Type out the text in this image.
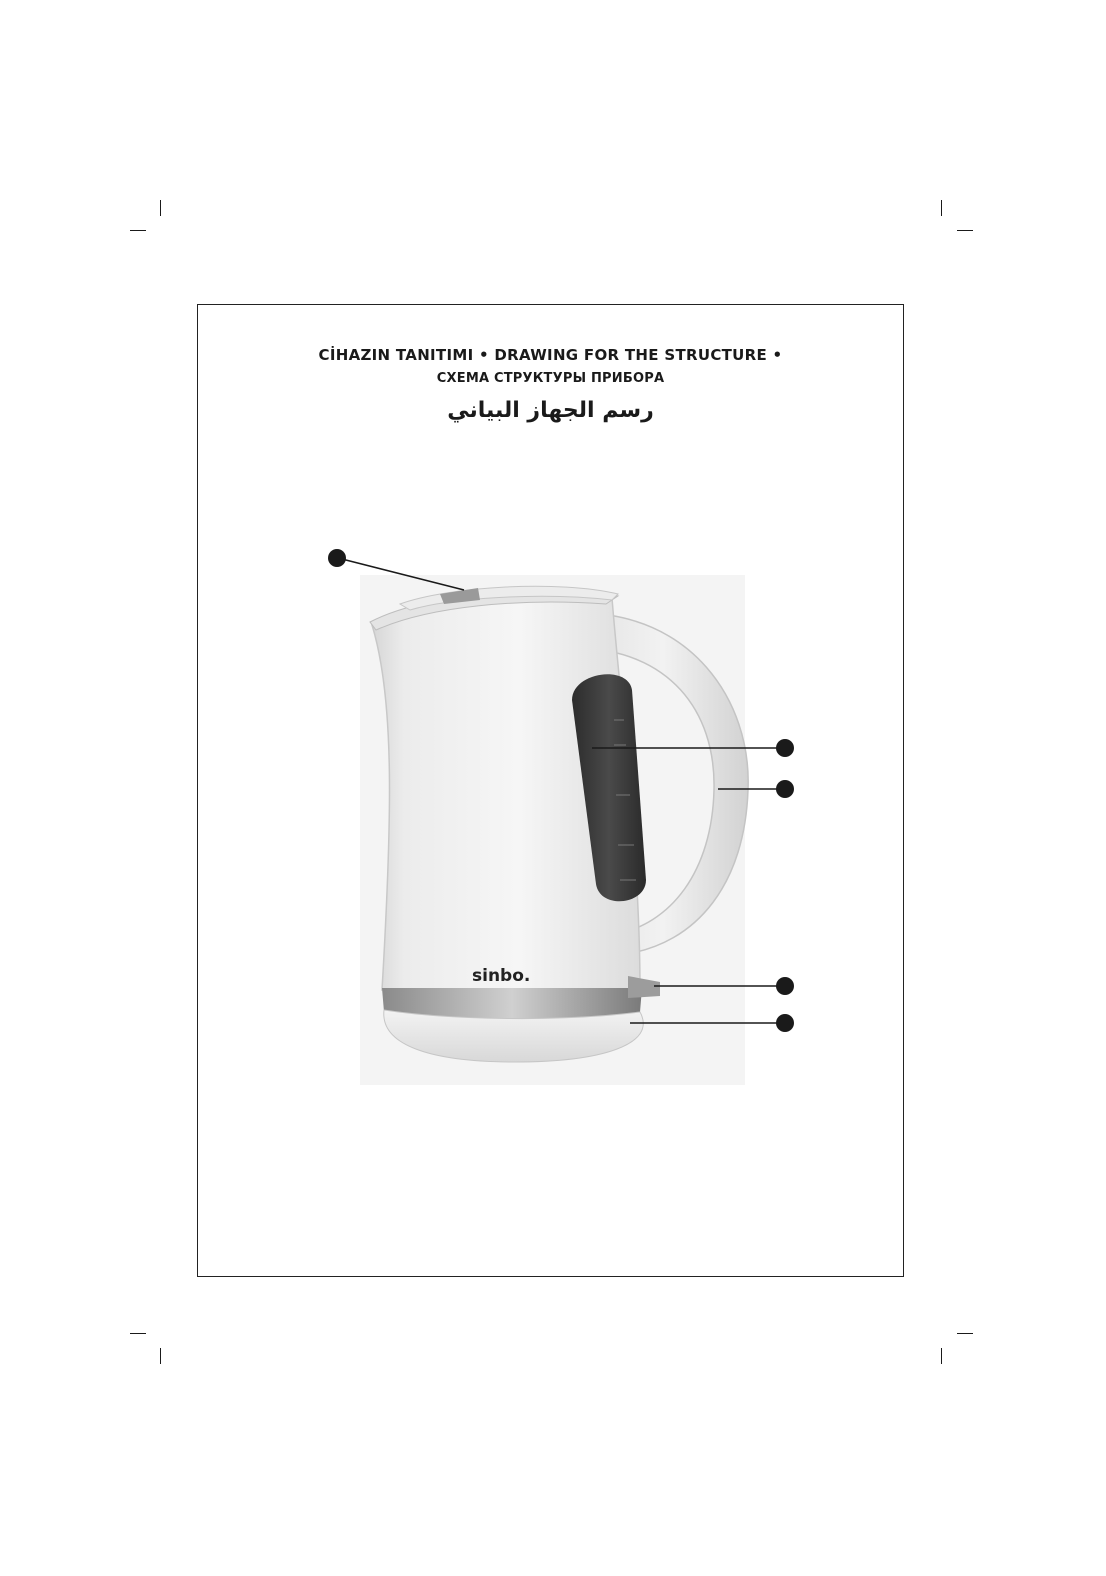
CİHAZIN TANITIMI • DRAWING FOR THE STRUCTURE •
СХЕМА СТРУКТУРЫ ПРИБОРА
رسم الجهاز البياني
sinbo.
